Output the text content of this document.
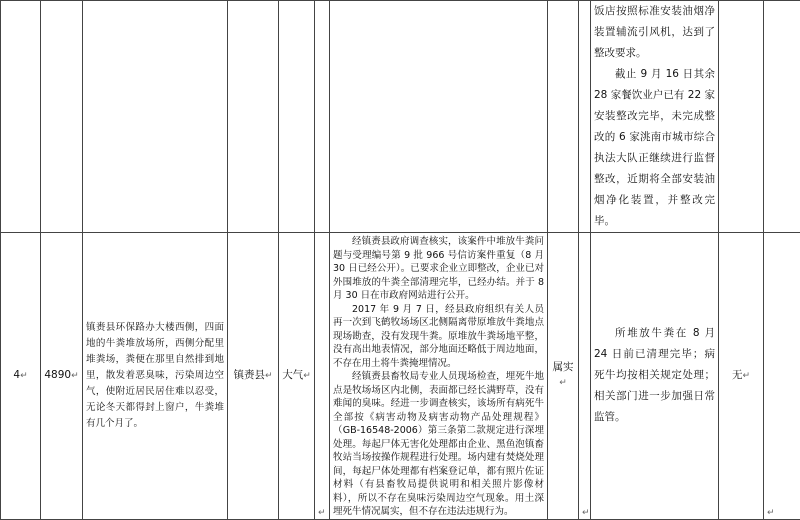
									饭店按照标准安装油烟净装置辅流引风机，达到了整改要求。

截止 9 月 16 日其余 28 家餐饮业户已有 22 家安装整改完毕，未完成整改的 6 家洮南市城市综合执法大队正继续进行监督整改，近期将全部安装油烟净化装置，并整改完毕。		

4↵	4890↵	镇赉县环保路办大楼西侧，四面地的牛粪堆放场所，西侧分配里堆粪场，粪便在那里自然排到地里，散发着恶臭味，污染周边空气，使附近居民居住难以忍受，无论冬天都得封上窗户，牛粪堆有几个月了。	镇赉县↵	大气↵	↵	经镇赉县政府调查核实，该案件中堆放牛粪问题与受理编号第 9 批 966 号信访案件重复（8 月 30 日已经公开）。已要求企业立即整改，企业已对外围堆放的牛粪全部清理完毕，已经办结。并于 8 月 30 日在市政府网站进行公开。

2017 年 9 月 7 日，经县政府组织有关人员再一次到飞鹤牧场场区北侧隔离带原堆放牛粪地点现场勘查，没有发现牛粪。原堆放牛粪场地平整，没有高出地表情况，部分地面还略低于周边地面，不存在用土将牛粪掩埋情况。

经镇赉县畜牧局专业人员现场检查，埋死牛地点是牧场场区内北侧，表面都已经长满野草，没有难闻的臭味。经进一步调查核实，该场所有病死牛全部按《病害动物及病害动物产品处理规程》（GB-16548-2006）第三条第二款规定进行深埋处理。每起尸体无害化处理都由企业、黑鱼泡镇畜牧站当场按操作规程进行处理。场内建有焚烧处理间，每起尸体处理都有档案登记单，都有照片佐证材料（有县畜牧局提供说明和相关照片影像材料），所以不存在臭味污染周边空气现象。用土深埋死牛情况属实，但不存在违法违规行为。	属实↵	↵	所堆放牛粪在 8 月 24 日前已清理完毕；病死牛均按相关规定处理；相关部门进一步加强日常监管。	无↵	↵
